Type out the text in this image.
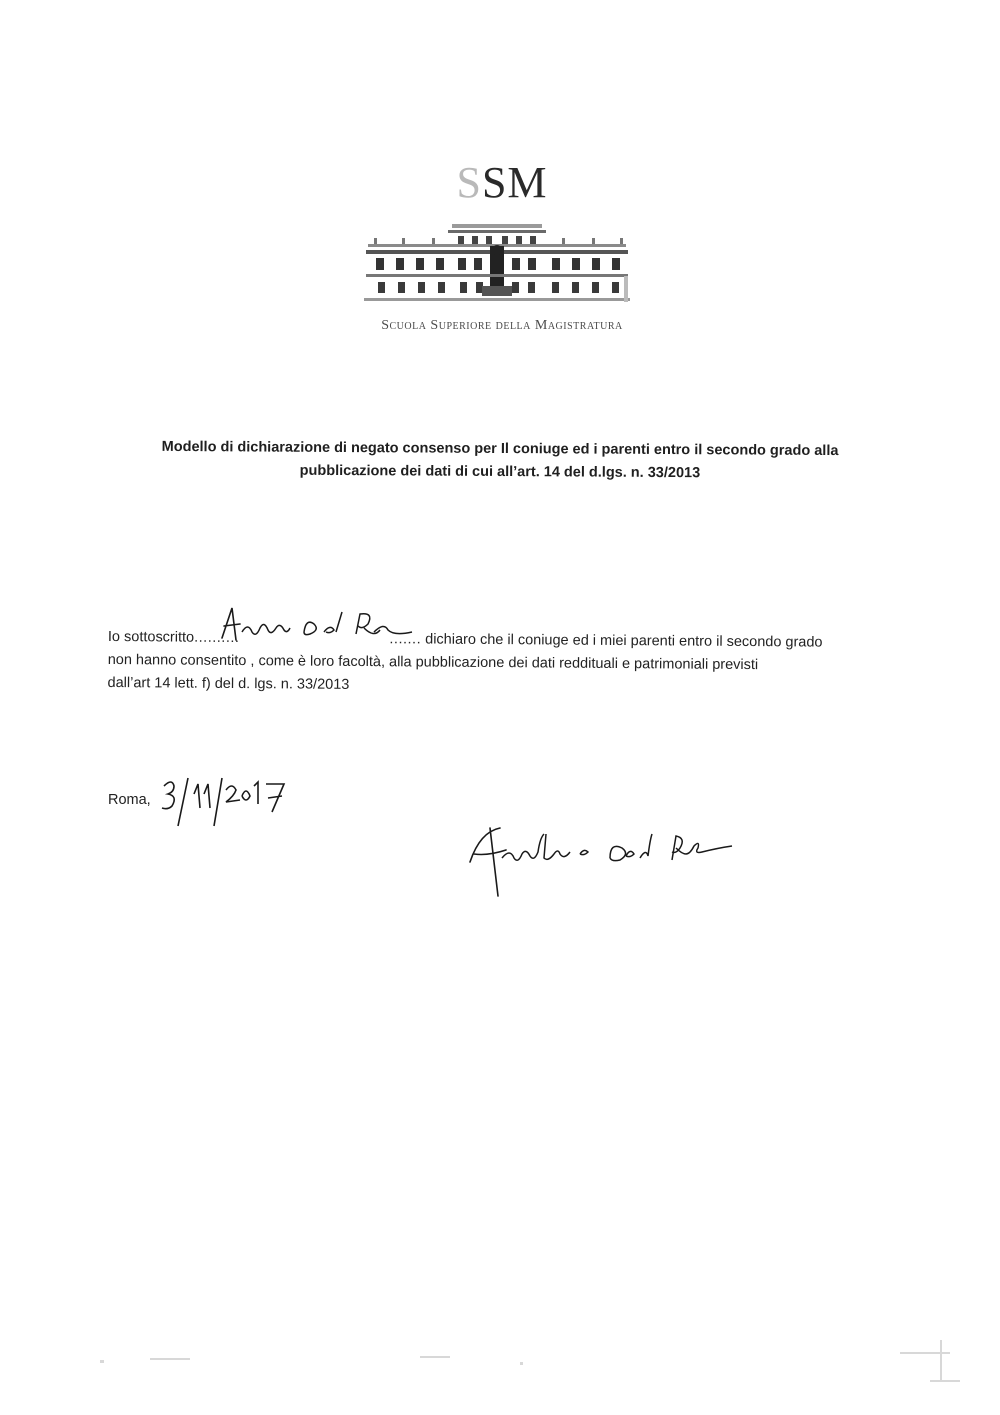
SSM
Scuola Superiore della Magistratura
Modello di dichiarazione di negato consenso per Il coniuge ed i parenti entro il secondo grado alla
pubblicazione dei dati di cui all’art. 14 del d.lgs. n. 33/2013
Io sottoscritto..........	....... dichiaro che il coniuge ed i miei parenti entro il secondo grado
non hanno consentito , come è loro facoltà, alla pubblicazione dei dati reddituali e patrimoniali previsti
dall’art 14 lett. f) del d. lgs. n. 33/2013
Roma,
